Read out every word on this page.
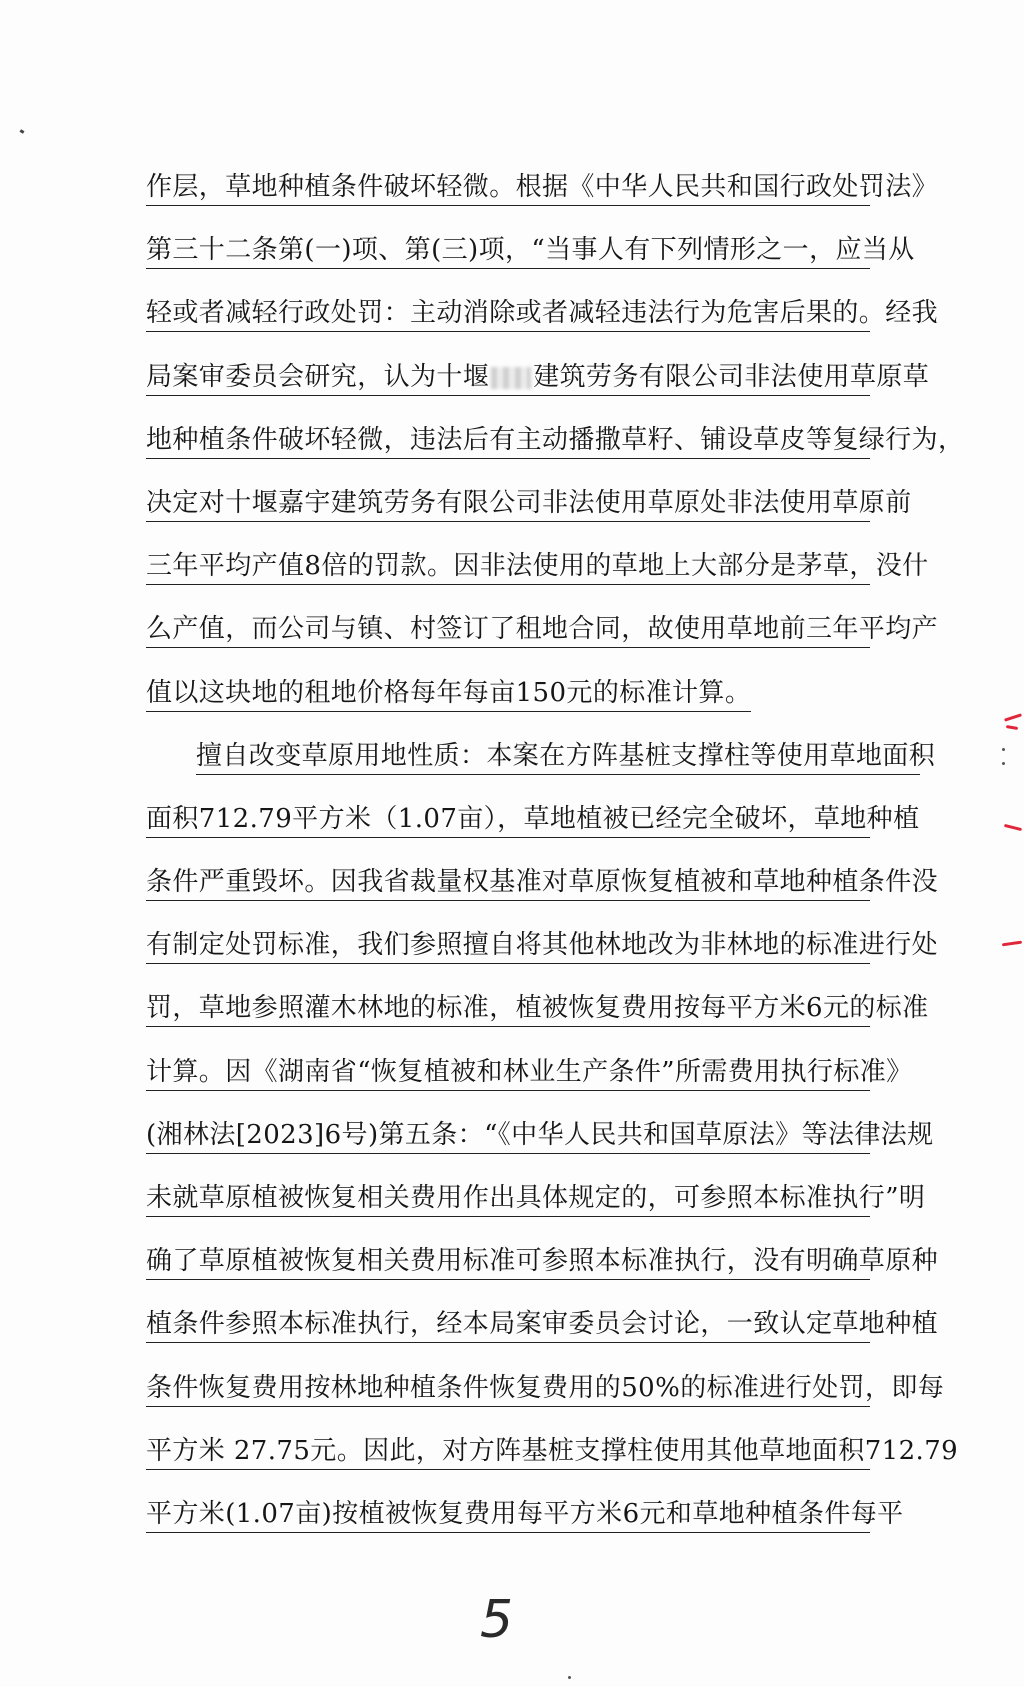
作层，草地种植条件破坏轻微。根据《中华人民共和国行政处罚法》
第三十二条第(一)项、第(三)项，“当事人有下列情形之一，应当从
轻或者减轻行政处罚：主动消除或者减轻违法行为危害后果的。经我
局案审委员会研究，认为十堰 建筑劳务有限公司非法使用草原草
地种植条件破坏轻微，违法后有主动播撒草籽、铺设草皮等复绿行为，
决定对十堰嘉宇建筑劳务有限公司非法使用草原处非法使用草原前
三年平均产值8倍的罚款。因非法使用的草地上大部分是茅草，没什
么产值，而公司与镇、村签订了租地合同，故使用草地前三年平均产
值以这块地的租地价格每年每亩150元的标准计算。
擅自改变草原用地性质：本案在方阵基桩支撑柱等使用草地面积
面积712.79平方米（1.07亩），草地植被已经完全破坏，草地种植
条件严重毁坏。因我省裁量权基准对草原恢复植被和草地种植条件没
有制定处罚标准，我们参照擅自将其他林地改为非林地的标准进行处
罚，草地参照灌木林地的标准，植被恢复费用按每平方米6元的标准
计算。因《湖南省“恢复植被和林业生产条件”所需费用执行标准》
(湘林法[2023]6号)第五条：“《中华人民共和国草原法》等法律法规
未就草原植被恢复相关费用作出具体规定的，可参照本标准执行”明
确了草原植被恢复相关费用标准可参照本标准执行，没有明确草原种
植条件参照本标准执行，经本局案审委员会讨论，一致认定草地种植
条件恢复费用按林地种植条件恢复费用的50%的标准进行处罚，即每
平方米 27.75元。因此，对方阵基桩支撑柱使用其他草地面积712.79
平方米(1.07亩)按植被恢复费用每平方米6元和草地种植条件每平
5
